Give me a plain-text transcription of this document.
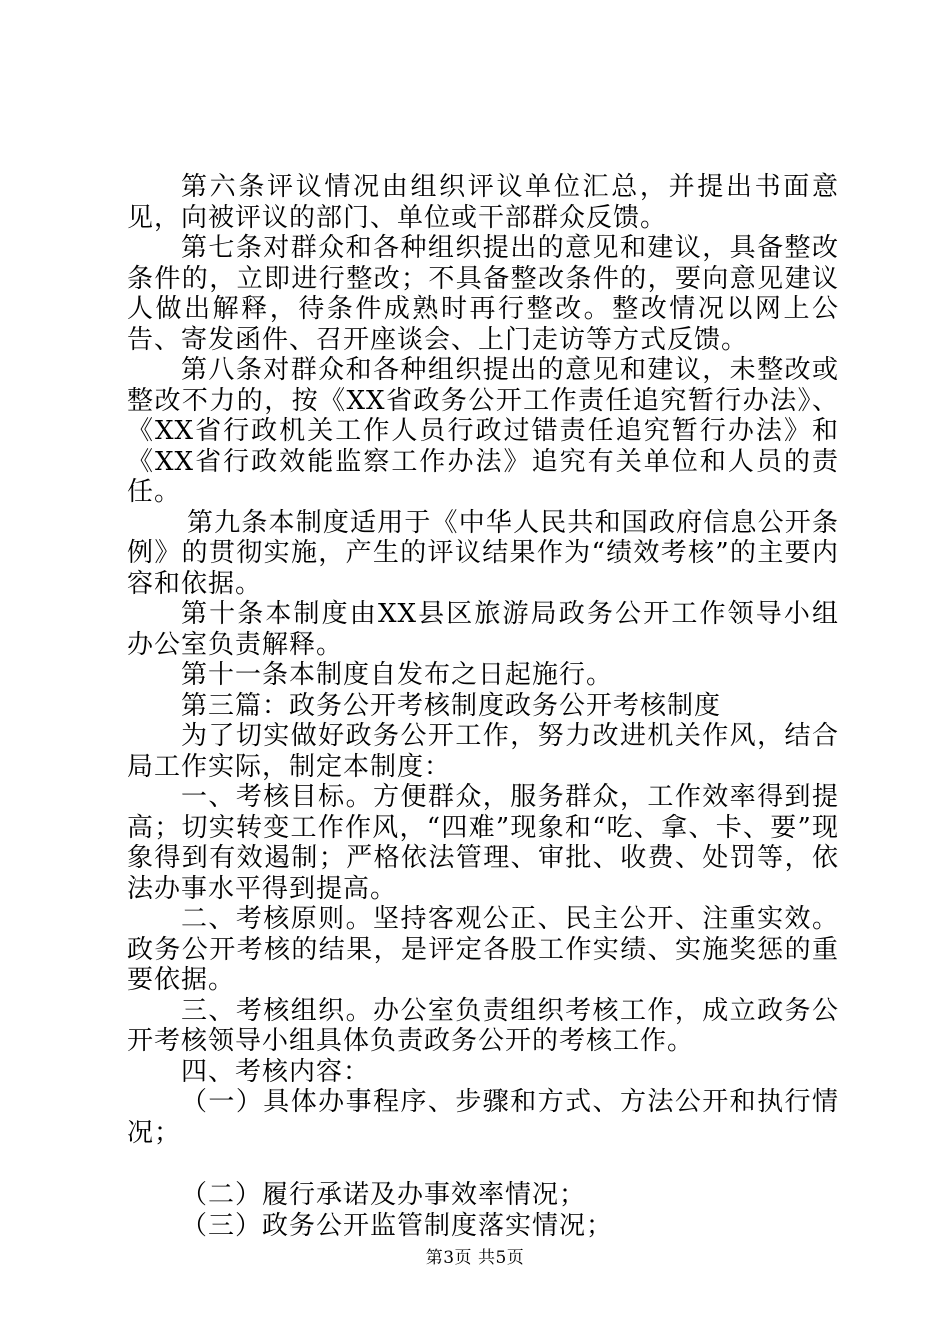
第六条评议情况由组织评议单位汇总，并提出书面意见，向被评议的部门、单位或干部群众反馈。

第七条对群众和各种组织提出的意见和建议，具备整改条件的，立即进行整改；不具备整改条件的，要向意见建议人做出解释，待条件成熟时再行整改。整改情况以网上公告、寄发函件、召开座谈会、上门走访等方式反馈。

第八条对群众和各种组织提出的意见和建议，未整改或整改不力的，按《XX省政务公开工作责任追究暂行办法》、《XX省行政机关工作人员行政过错责任追究暂行办法》和《XX省行政效能监察工作办法》追究有关单位和人员的责任。

第九条本制度适用于《中华人民共和国政府信息公开条例》的贯彻实施，产生的评议结果作为“绩效考核”的主要内容和依据。

第十条本制度由XX县区旅游局政务公开工作领导小组办公室负责解释。

第十一条本制度自发布之日起施行。

第三篇：政务公开考核制度政务公开考核制度

为了切实做好政务公开工作，努力改进机关作风，结合局工作实际，制定本制度：

一、考核目标。方便群众，服务群众，工作效率得到提高；切实转变工作作风，“四难”现象和“吃、拿、卡、要”现象得到有效遏制；严格依法管理、审批、收费、处罚等，依法办事水平得到提高。

二、考核原则。坚持客观公正、民主公开、注重实效。政务公开考核的结果，是评定各股工作实绩、实施奖惩的重要依据。

三、考核组织。办公室负责组织考核工作，成立政务公开考核领导小组具体负责政务公开的考核工作。

四、考核内容：

（一）具体办事程序、步骤和方式、方法公开和执行情况；

（二）履行承诺及办事效率情况；

（三）政务公开监管制度落实情况；

第3页 共5页
